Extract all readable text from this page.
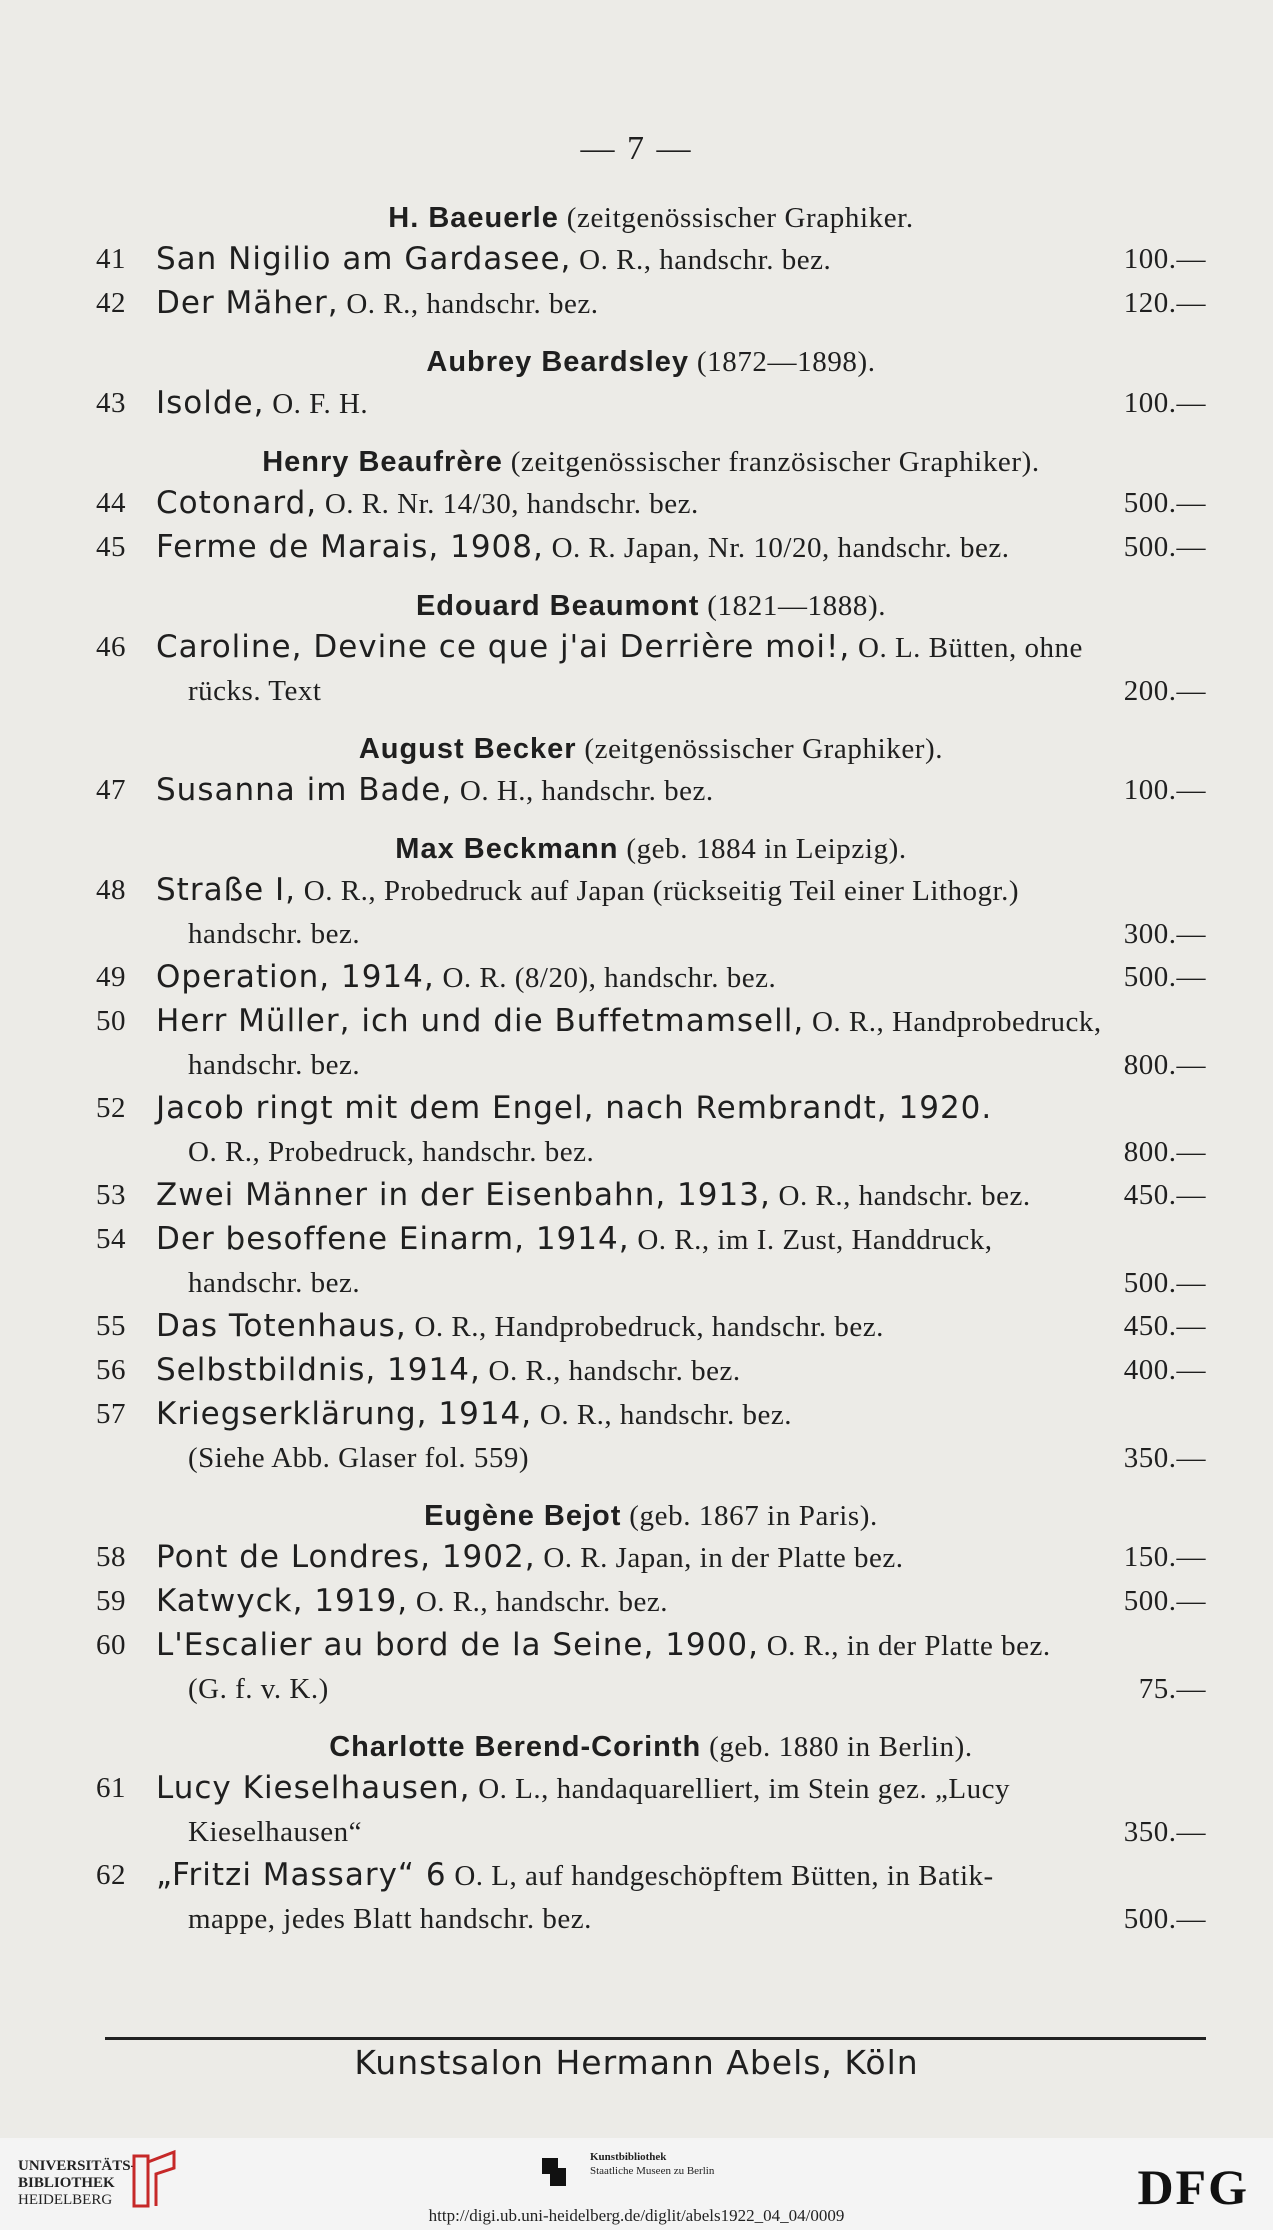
— 7 —
H. Baeuerle (zeitgenössischer Graphiker.
41 San Nigilio am Gardasee, O. R., handschr. bez.	100.—
42 Der Mäher, O. R., handschr. bez.	120.—
Aubrey Beardsley (1872—1898).
43 Isolde, O. F. H.	100.—
Henry Beaufrère (zeitgenössischer französischer Graphiker).
44 Cotonard, O. R. Nr. 14/30, handschr. bez.	500.—
45 Ferme de Marais, 1908, O. R. Japan, Nr. 10/20, handschr. bez.	500.—
Edouard Beaumont (1821—1888).
46 Caroline, Devine ce que j'ai Derrière moi!, O. L. Bütten, ohne
rücks. Text	200.—
August Becker (zeitgenössischer Graphiker).
47 Susanna im Bade, O. H., handschr. bez.	100.—
Max Beckmann (geb. 1884 in Leipzig).
48 Straße I, O. R., Probedruck auf Japan (rückseitig Teil einer Lithogr.)
handschr. bez.	300.—
49 Operation, 1914, O. R. (8/20), handschr. bez.	500.—
50 Herr Müller, ich und die Buffetmamsell, O. R., Handprobedruck,
handschr. bez.	800.—
52 Jacob ringt mit dem Engel, nach Rembrandt, 1920.
O. R., Probedruck, handschr. bez.	800.—
53 Zwei Männer in der Eisenbahn, 1913, O. R., handschr. bez.	450.—
54 Der besoffene Einarm, 1914, O. R., im I. Zust, Handdruck,
handschr. bez.	500.—
55 Das Totenhaus, O. R., Handprobedruck, handschr. bez.	450.—
56 Selbstbildnis, 1914, O. R., handschr. bez.	400.—
57 Kriegserklärung, 1914, O. R., handschr. bez.
(Siehe Abb. Glaser fol. 559)	350.—
Eugène Bejot (geb. 1867 in Paris).
58 Pont de Londres, 1902, O. R. Japan, in der Platte bez.	150.—
59 Katwyck, 1919, O. R., handschr. bez.	500.—
60 L'Escalier au bord de la Seine, 1900, O. R., in der Platte bez.
(G. f. v. K.)	75.—
Charlotte Berend-Corinth (geb. 1880 in Berlin).
61 Lucy Kieselhausen, O. L., handaquarelliert, im Stein gez. „Lucy
Kieselhausen“	350.—
62 „Fritzi Massary“ 6 O. L, auf handgeschöpftem Bütten, in Batik-
mappe, jedes Blatt handschr. bez.	500.—
Kunstsalon Hermann Abels, Köln
UNIVERSITÄTS-
BIBLIOTHEK
HEIDELBERG
Kunstbibliothek
Staatliche Museen zu Berlin	DFG
http://digi.ub.uni-heidelberg.de/diglit/abels1922_04_04/0009
